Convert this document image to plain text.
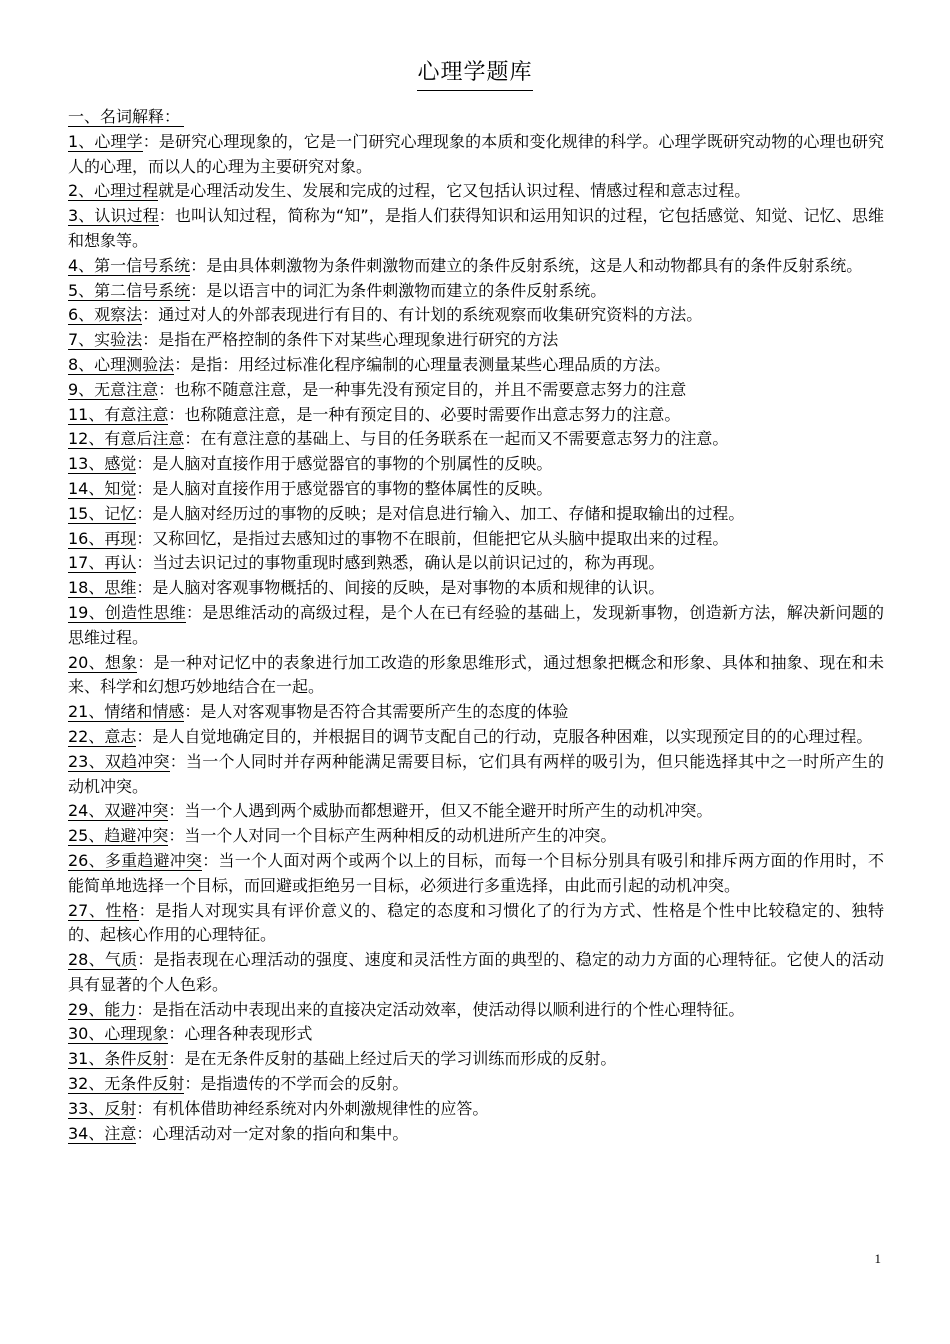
心理学题库

一、名词解释：

1、心理学：是研究心理现象的，它是一门研究心理现象的本质和变化规律的科学。心理学既研究动物的心理也研究人的心理，而以人的心理为主要研究对象。

2、心理过程就是心理活动发生、发展和完成的过程，它又包括认识过程、情感过程和意志过程。

3、认识过程：也叫认知过程，简称为“知”，是指人们获得知识和运用知识的过程，它包括感觉、知觉、记忆、思维和想象等。

4、第一信号系统：是由具体刺激物为条件刺激物而建立的条件反射系统，这是人和动物都具有的条件反射系统。

5、第二信号系统：是以语言中的词汇为条件刺激物而建立的条件反射系统。

6、观察法：通过对人的外部表现进行有目的、有计划的系统观察而收集研究资料的方法。

7、实验法：是指在严格控制的条件下对某些心理现象进行研究的方法

8、心理测验法：是指：用经过标准化程序编制的心理量表测量某些心理品质的方法。

9、无意注意：也称不随意注意，是一种事先没有预定目的，并且不需要意志努力的注意

11、有意注意：也称随意注意，是一种有预定目的、必要时需要作出意志努力的注意。

12、有意后注意：在有意注意的基础上、与目的任务联系在一起而又不需要意志努力的注意。

13、感觉：是人脑对直接作用于感觉器官的事物的个别属性的反映。

14、知觉：是人脑对直接作用于感觉器官的事物的整体属性的反映。

15、记忆：是人脑对经历过的事物的反映；是对信息进行输入、加工、存储和提取输出的过程。

16、再现：又称回忆，是指过去感知过的事物不在眼前，但能把它从头脑中提取出来的过程。

17、再认：当过去识记过的事物重现时感到熟悉，确认是以前识记过的，称为再现。

18、思维：是人脑对客观事物概括的、间接的反映，是对事物的本质和规律的认识。

19、创造性思维：是思维活动的高级过程，是个人在已有经验的基础上，发现新事物，创造新方法，解决新问题的思维过程。

20、想象：是一种对记忆中的表象进行加工改造的形象思维形式，通过想象把概念和形象、具体和抽象、现在和未来、科学和幻想巧妙地结合在一起。

21、情绪和情感：是人对客观事物是否符合其需要所产生的态度的体验

22、意志：是人自觉地确定目的，并根据目的调节支配自己的行动，克服各种困难，以实现预定目的的心理过程。

23、双趋冲突：当一个人同时并存两种能满足需要目标，它们具有两样的吸引为，但只能选择其中之一时所产生的动机冲突。

24、双避冲突：当一个人遇到两个威胁而都想避开，但又不能全避开时所产生的动机冲突。

25、趋避冲突：当一个人对同一个目标产生两种相反的动机进所产生的冲突。

26、多重趋避冲突：当一个人面对两个或两个以上的目标，而每一个目标分别具有吸引和排斥两方面的作用时，不能简单地选择一个目标，而回避或拒绝另一目标，必须进行多重选择，由此而引起的动机冲突。

27、性格：是指人对现实具有评价意义的、稳定的态度和习惯化了的行为方式、性格是个性中比较稳定的、独特的、起核心作用的心理特征。

28、气质：是指表现在心理活动的强度、速度和灵活性方面的典型的、稳定的动力方面的心理特征。它使人的活动具有显著的个人色彩。

29、能力：是指在活动中表现出来的直接决定活动效率，使活动得以顺利进行的个性心理特征。

30、心理现象：心理各种表现形式

31、条件反射：是在无条件反射的基础上经过后天的学习训练而形成的反射。

32、无条件反射：是指遗传的不学而会的反射。

33、反射：有机体借助神经系统对内外刺激规律性的应答。

34、注意：心理活动对一定对象的指向和集中。

1
